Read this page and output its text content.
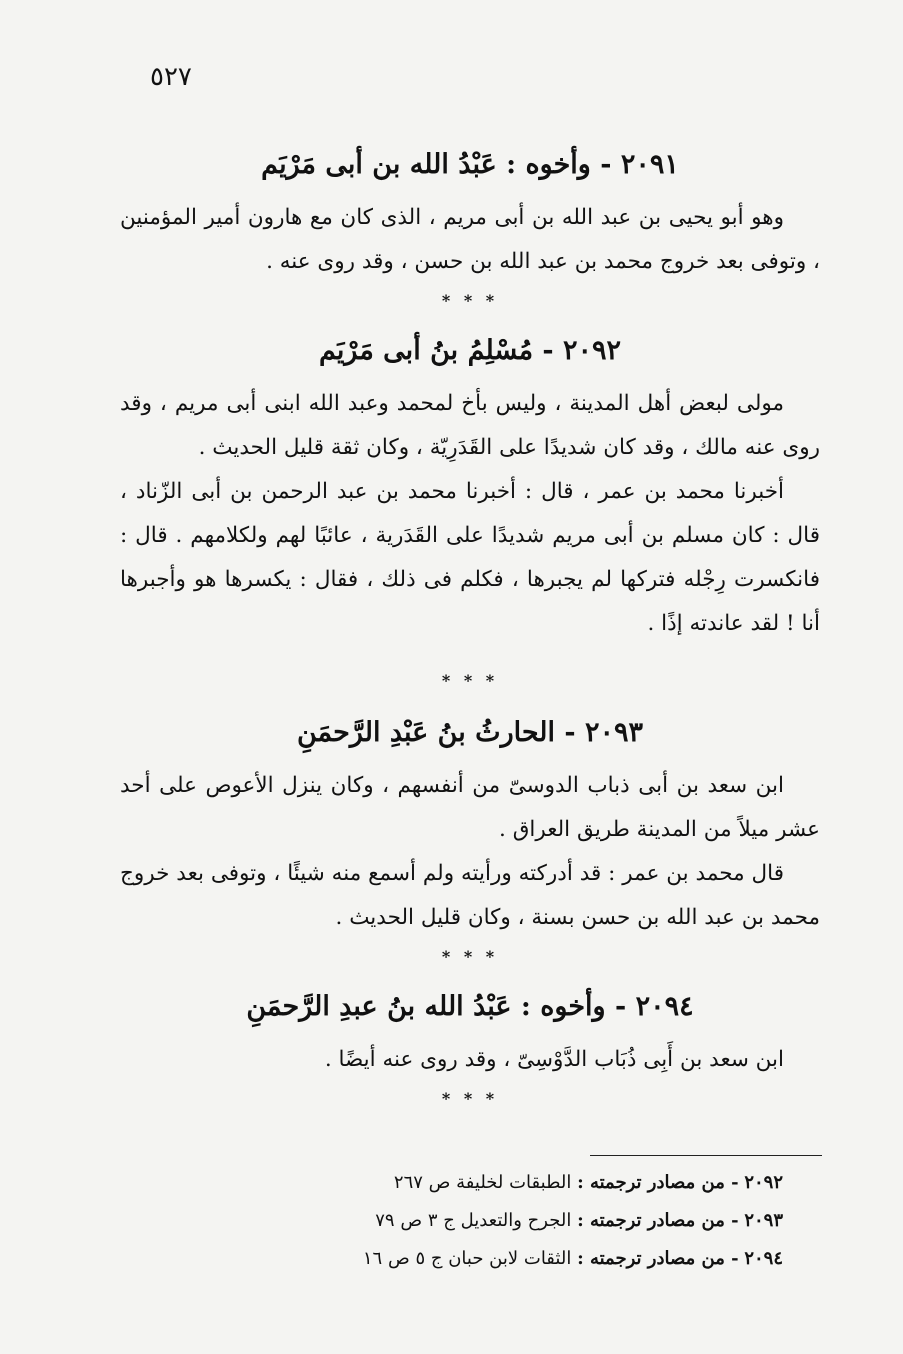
٥٢٧
٢٠٩١ - وأخوه : عَبْدُ الله بن أبى مَرْيَم

وهو أبو يحيى بن عبد الله بن أبى مريم ، الذى كان مع هارون أمير المؤمنين ، وتوفى بعد خروج محمد بن عبد الله بن حسن ، وقد روى عنه .

* * *
٢٠٩٢ - مُسْلِمُ بنُ أبى مَرْيَم

مولى لبعض أهل المدينة ، وليس بأخ لمحمد وعبد الله ابنى أبى مريم ، وقد روى عنه مالك ، وقد كان شديدًا على القَدَرِيّة ، وكان ثقة قليل الحديث .

أخبرنا محمد بن عمر ، قال : أخبرنا محمد بن عبد الرحمن بن أبى الزّناد ، قال : كان مسلم بن أبى مريم شديدًا على القَدَرية ، عائبًا لهم ولكلامهم . قال : فانكسرت رِجْله فتركها لم يجبرها ، فكلم فى ذلك ، فقال : يكسرها هو وأجبرها أنا ! لقد عاندته إذًا .

* * *
٢٠٩٣ - الحارثُ بنُ عَبْدِ الرَّحمَنِ

ابن سعد بن أبى ذباب الدوسىّ من أنفسهم ، وكان ينزل الأعوص على أحد عشر ميلاً من المدينة طريق العراق .

قال محمد بن عمر : قد أدركته ورأيته ولم أسمع منه شيئًا ، وتوفى بعد خروج محمد بن عبد الله بن حسن بسنة ، وكان قليل الحديث .

* * *
٢٠٩٤ - وأخوه : عَبْدُ الله بنُ عبدِ الرَّحمَنِ

ابن سعد بن أَبِى ذُبَاب الدَّوْسِىّ ، وقد روى عنه أيضًا .

* * *
٢٠٩٢ - من مصادر ترجمته : الطبقات لخليفة ص ٢٦٧
٢٠٩٣ - من مصادر ترجمته : الجرح والتعديل ج ٣ ص ٧٩
٢٠٩٤ - من مصادر ترجمته : الثقات لابن حبان ج ٥ ص ١٦
